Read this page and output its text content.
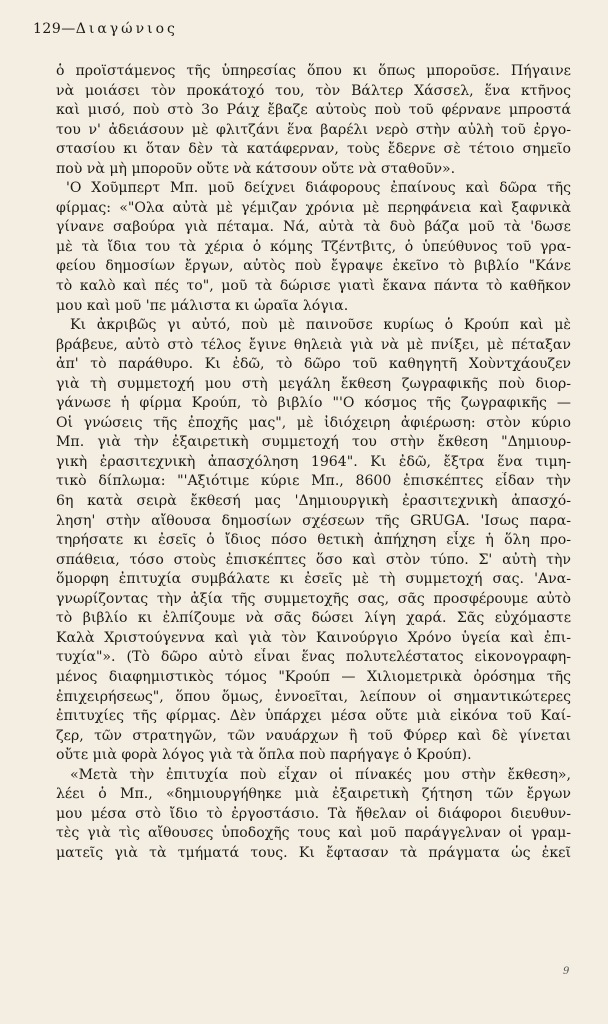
129—Διαγώνιος
ὁ προϊστάμενος τῆς ὑπηρεσίας ὅπου κι ὅπως μποροῦσε. Πήγαινε
νὰ μοιάσει τὸν προκάτοχό του, τὸν Βάλτερ Χάσσελ, ἕνα κτῆνος
καὶ μισό, ποὺ στὸ 3ο Ράιχ ἔβαζε αὐτοὺς ποὺ τοῦ φέρνανε μπροστά
του ν' ἀδειάσουν μὲ φλιτζάνι ἕνα βαρέλι νερὸ στὴν αὐλὴ τοῦ ἐργο-
στασίου κι ὅταν δὲν τὰ κατάφερναν, τοὺς ἔδερνε σὲ τέτοιο σημεῖο
ποὺ νὰ μὴ μποροῦν οὔτε νὰ κάτσουν οὔτε νὰ σταθοῦν».
'Ο Χοῦμπερτ Μπ. μοῦ δείχνει διάφορους ἐπαίνους καὶ δῶρα τῆς
φίρμας: «"Ολα αὐτὰ μὲ γέμιζαν χρόνια μὲ περηφάνεια καὶ ξαφνικὰ
γίνανε σαβούρα γιὰ πέταμα. Νά, αὐτὰ τὰ δυὸ βάζα μοῦ τὰ 'δωσε
μὲ τὰ ἴδια του τὰ χέρια ὁ κόμης Τζέντβιτς, ὁ ὑπεύθυνος τοῦ γρα-
φείου δημοσίων ἔργων, αὐτὸς ποὺ ἔγραψε ἐκεῖνο τὸ βιβλίο "Κάνε
τὸ καλὸ καὶ πές το", μοῦ τὰ δώρισε γιατὶ ἔκανα πάντα τὸ καθῆκον
μου καὶ μοῦ 'πε μάλιστα κι ὡραῖα λόγια.
Κι ἀκριβῶς γι αὐτό, ποὺ μὲ παινοῦσε κυρίως ὁ Κρούπ καὶ μὲ
βράβευε, αὐτὸ στὸ τέλος ἔγινε θηλειὰ γιὰ νὰ μὲ πνίξει, μὲ πέταξαν
ἀπ' τὸ παράθυρο. Κι ἐδῶ, τὸ δῶρο τοῦ καθηγητῆ Χοὺντχάουζεν
γιὰ τὴ συμμετοχή μου στὴ μεγάλη ἔκθεση ζωγραφικῆς ποὺ διορ-
γάνωσε ἡ φίρμα Κρούπ, τὸ βιβλίο "'Ο κόσμος τῆς ζωγραφικῆς —
Οἱ γνώσεις τῆς ἐποχῆς μας", μὲ ἰδιόχειρη ἀφιέρωση: στὸν κύριο
Μπ. γιὰ τὴν ἐξαιρετικὴ συμμετοχή του στὴν ἔκθεση "Δημιουρ-
γικὴ ἐρασιτεχνικὴ ἀπασχόληση 1964". Κι ἐδῶ, ἔξτρα ἕνα τιμη-
τικὸ δίπλωμα: "'Αξιότιμε κύριε Μπ., 8600 ἐπισκέπτες εἶδαν τὴν
6η κατὰ σειρὰ ἔκθεσή μας 'Δημιουργικὴ ἐρασιτεχνικὴ ἀπασχό-
ληση' στὴν αἴθουσα δημοσίων σχέσεων τῆς GRUGA. 'Ισως παρα-
τηρήσατε κι ἐσεῖς ὁ ἴδιος πόσο θετικὴ ἀπήχηση εἶχε ἡ ὅλη προ-
σπάθεια, τόσο στοὺς ἐπισκέπτες ὅσο καὶ στὸν τύπο. Σ' αὐτὴ τὴν
ὅμορφη ἐπιτυχία συμβάλατε κι ἐσεῖς μὲ τὴ συμμετοχή σας. 'Ανα-
γνωρίζοντας τὴν ἀξία τῆς συμμετοχῆς σας, σᾶς προσφέρουμε αὐτὸ
τὸ βιβλίο κι ἐλπίζουμε νὰ σᾶς δώσει λίγη χαρά. Σᾶς εὐχόμαστε
Καλὰ Χριστούγεννα καὶ γιὰ τὸν Καινούργιο Χρόνο ὑγεία καὶ ἐπι-
τυχία"». (Τὸ δῶρο αὐτὸ εἶναι ἕνας πολυτελέστατος εἰκονογραφη-
μένος διαφημιστικὸς τόμος "Κρούπ — Χιλιομετρικὰ ὀρόσημα τῆς
ἐπιχειρήσεως", ὅπου ὅμως, ἐννοεῖται, λείπουν οἱ σημαντικώτερες
ἐπιτυχίες τῆς φίρμας. Δὲν ὑπάρχει μέσα οὔτε μιὰ εἰκόνα τοῦ Καί-
ζερ, τῶν στρατηγῶν, τῶν ναυάρχων ἢ τοῦ Φύρερ καὶ δὲ γίνεται
οὔτε μιὰ φορὰ λόγος γιὰ τὰ ὅπλα ποὺ παρήγαγε ὁ Κρούπ).
«Μετὰ τὴν ἐπιτυχία ποὺ εἶχαν οἱ πίνακές μου στὴν ἔκθεση»,
λέει ὁ Μπ., «δημιουργήθηκε μιὰ ἐξαιρετικὴ ζήτηση τῶν ἔργων
μου μέσα στὸ ἴδιο τὸ ἐργοστάσιο. Τὰ ἤθελαν οἱ διάφοροι διευθυν-
τὲς γιὰ τὶς αἴθουσες ὑποδοχῆς τους καὶ μοῦ παράγγελναν οἱ γραμ-
ματεῖς γιὰ τὰ τμήματά τους. Κι ἔφτασαν τὰ πράγματα ὡς ἐκεῖ
9
